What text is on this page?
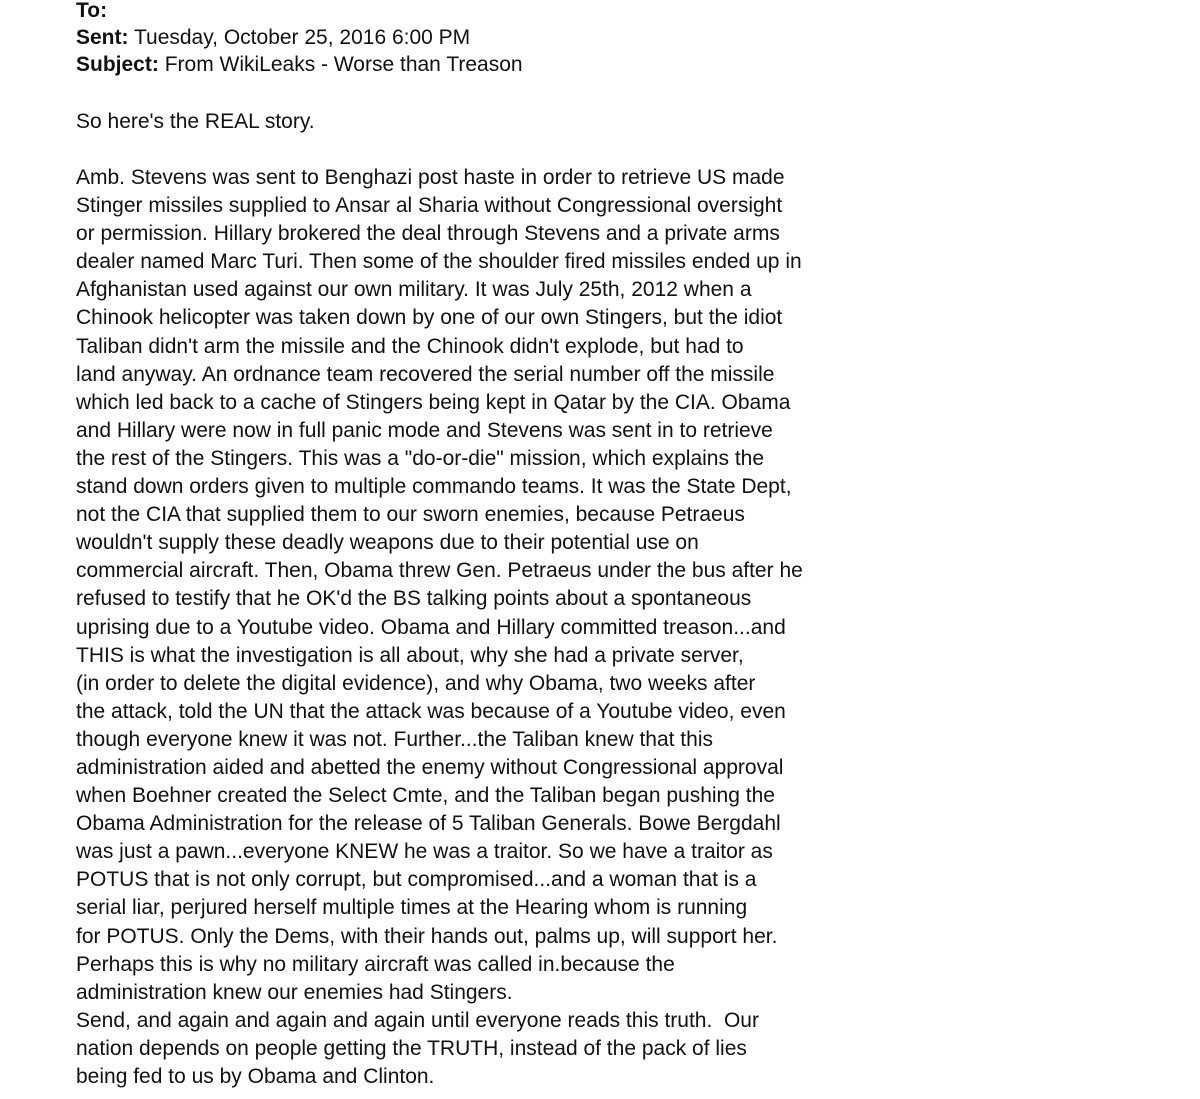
To:
Sent: Tuesday, October 25, 2016 6:00 PM
Subject: From WikiLeaks - Worse than Treason
So here's the REAL story.
Amb. Stevens was sent to Benghazi post haste in order to retrieve US made
Stinger missiles supplied to Ansar al Sharia without Congressional oversight
or permission. Hillary brokered the deal through Stevens and a private arms
dealer named Marc Turi. Then some of the shoulder fired missiles ended up in
Afghanistan used against our own military. It was July 25th, 2012 when a
Chinook helicopter was taken down by one of our own Stingers, but the idiot
Taliban didn't arm the missile and the Chinook didn't explode, but had to
land anyway. An ordnance team recovered the serial number off the missile
which led back to a cache of Stingers being kept in Qatar by the CIA. Obama
and Hillary were now in full panic mode and Stevens was sent in to retrieve
the rest of the Stingers. This was a "do-or-die" mission, which explains the
stand down orders given to multiple commando teams. It was the State Dept,
not the CIA that supplied them to our sworn enemies, because Petraeus
wouldn't supply these deadly weapons due to their potential use on
commercial aircraft. Then, Obama threw Gen. Petraeus under the bus after he
refused to testify that he OK'd the BS talking points about a spontaneous
uprising due to a Youtube video. Obama and Hillary committed treason...and
THIS is what the investigation is all about, why she had a private server,
(in order to delete the digital evidence), and why Obama, two weeks after
the attack, told the UN that the attack was because of a Youtube video, even
though everyone knew it was not. Further...the Taliban knew that this
administration aided and abetted the enemy without Congressional approval
when Boehner created the Select Cmte, and the Taliban began pushing the
Obama Administration for the release of 5 Taliban Generals. Bowe Bergdahl
was just a pawn...everyone KNEW he was a traitor. So we have a traitor as
POTUS that is not only corrupt, but compromised...and a woman that is a
serial liar, perjured herself multiple times at the Hearing whom is running
for POTUS. Only the Dems, with their hands out, palms up, will support her.
Perhaps this is why no military aircraft was called in.because the
administration knew our enemies had Stingers.
Send, and again and again and again until everyone reads this truth.  Our
nation depends on people getting the TRUTH, instead of the pack of lies
being fed to us by Obama and Clinton.
